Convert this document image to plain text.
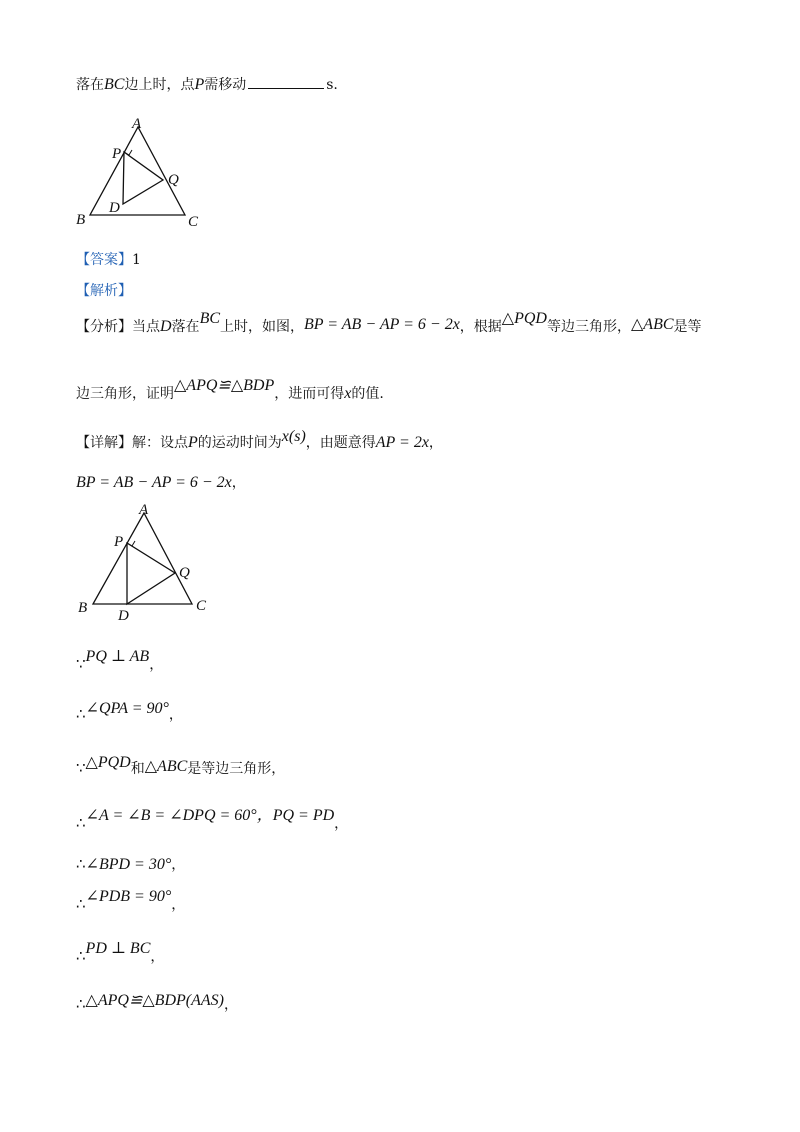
落在BC边上时，点P需移动	s.
A
P
Q
D
B	C
【答案】1
【解析】
【分析】当点D落在BC上时，如图，BP = AB − AP = 6 − 2x，根据△PQD等边三角形，△ABC是等
边三角形，证明△APQ≌△BDP，进而可得x的值.
【详解】解：设点P的运动时间为x(s)，由题意得AP = 2x，
BP = AB − AP = 6 − 2x，
A
P
Q
B D
C
∵PQ ⊥ AB，
∴∠QPA = 90°，
∵△PQD和△ABC是等边三角形，
∴∠A = ∠B = ∠DPQ = 60°，PQ = PD，
∴∠BPD = 30°，
∴∠PDB = 90°，
∴PD ⊥ BC，
∴△APQ≌△BDP(AAS)，
